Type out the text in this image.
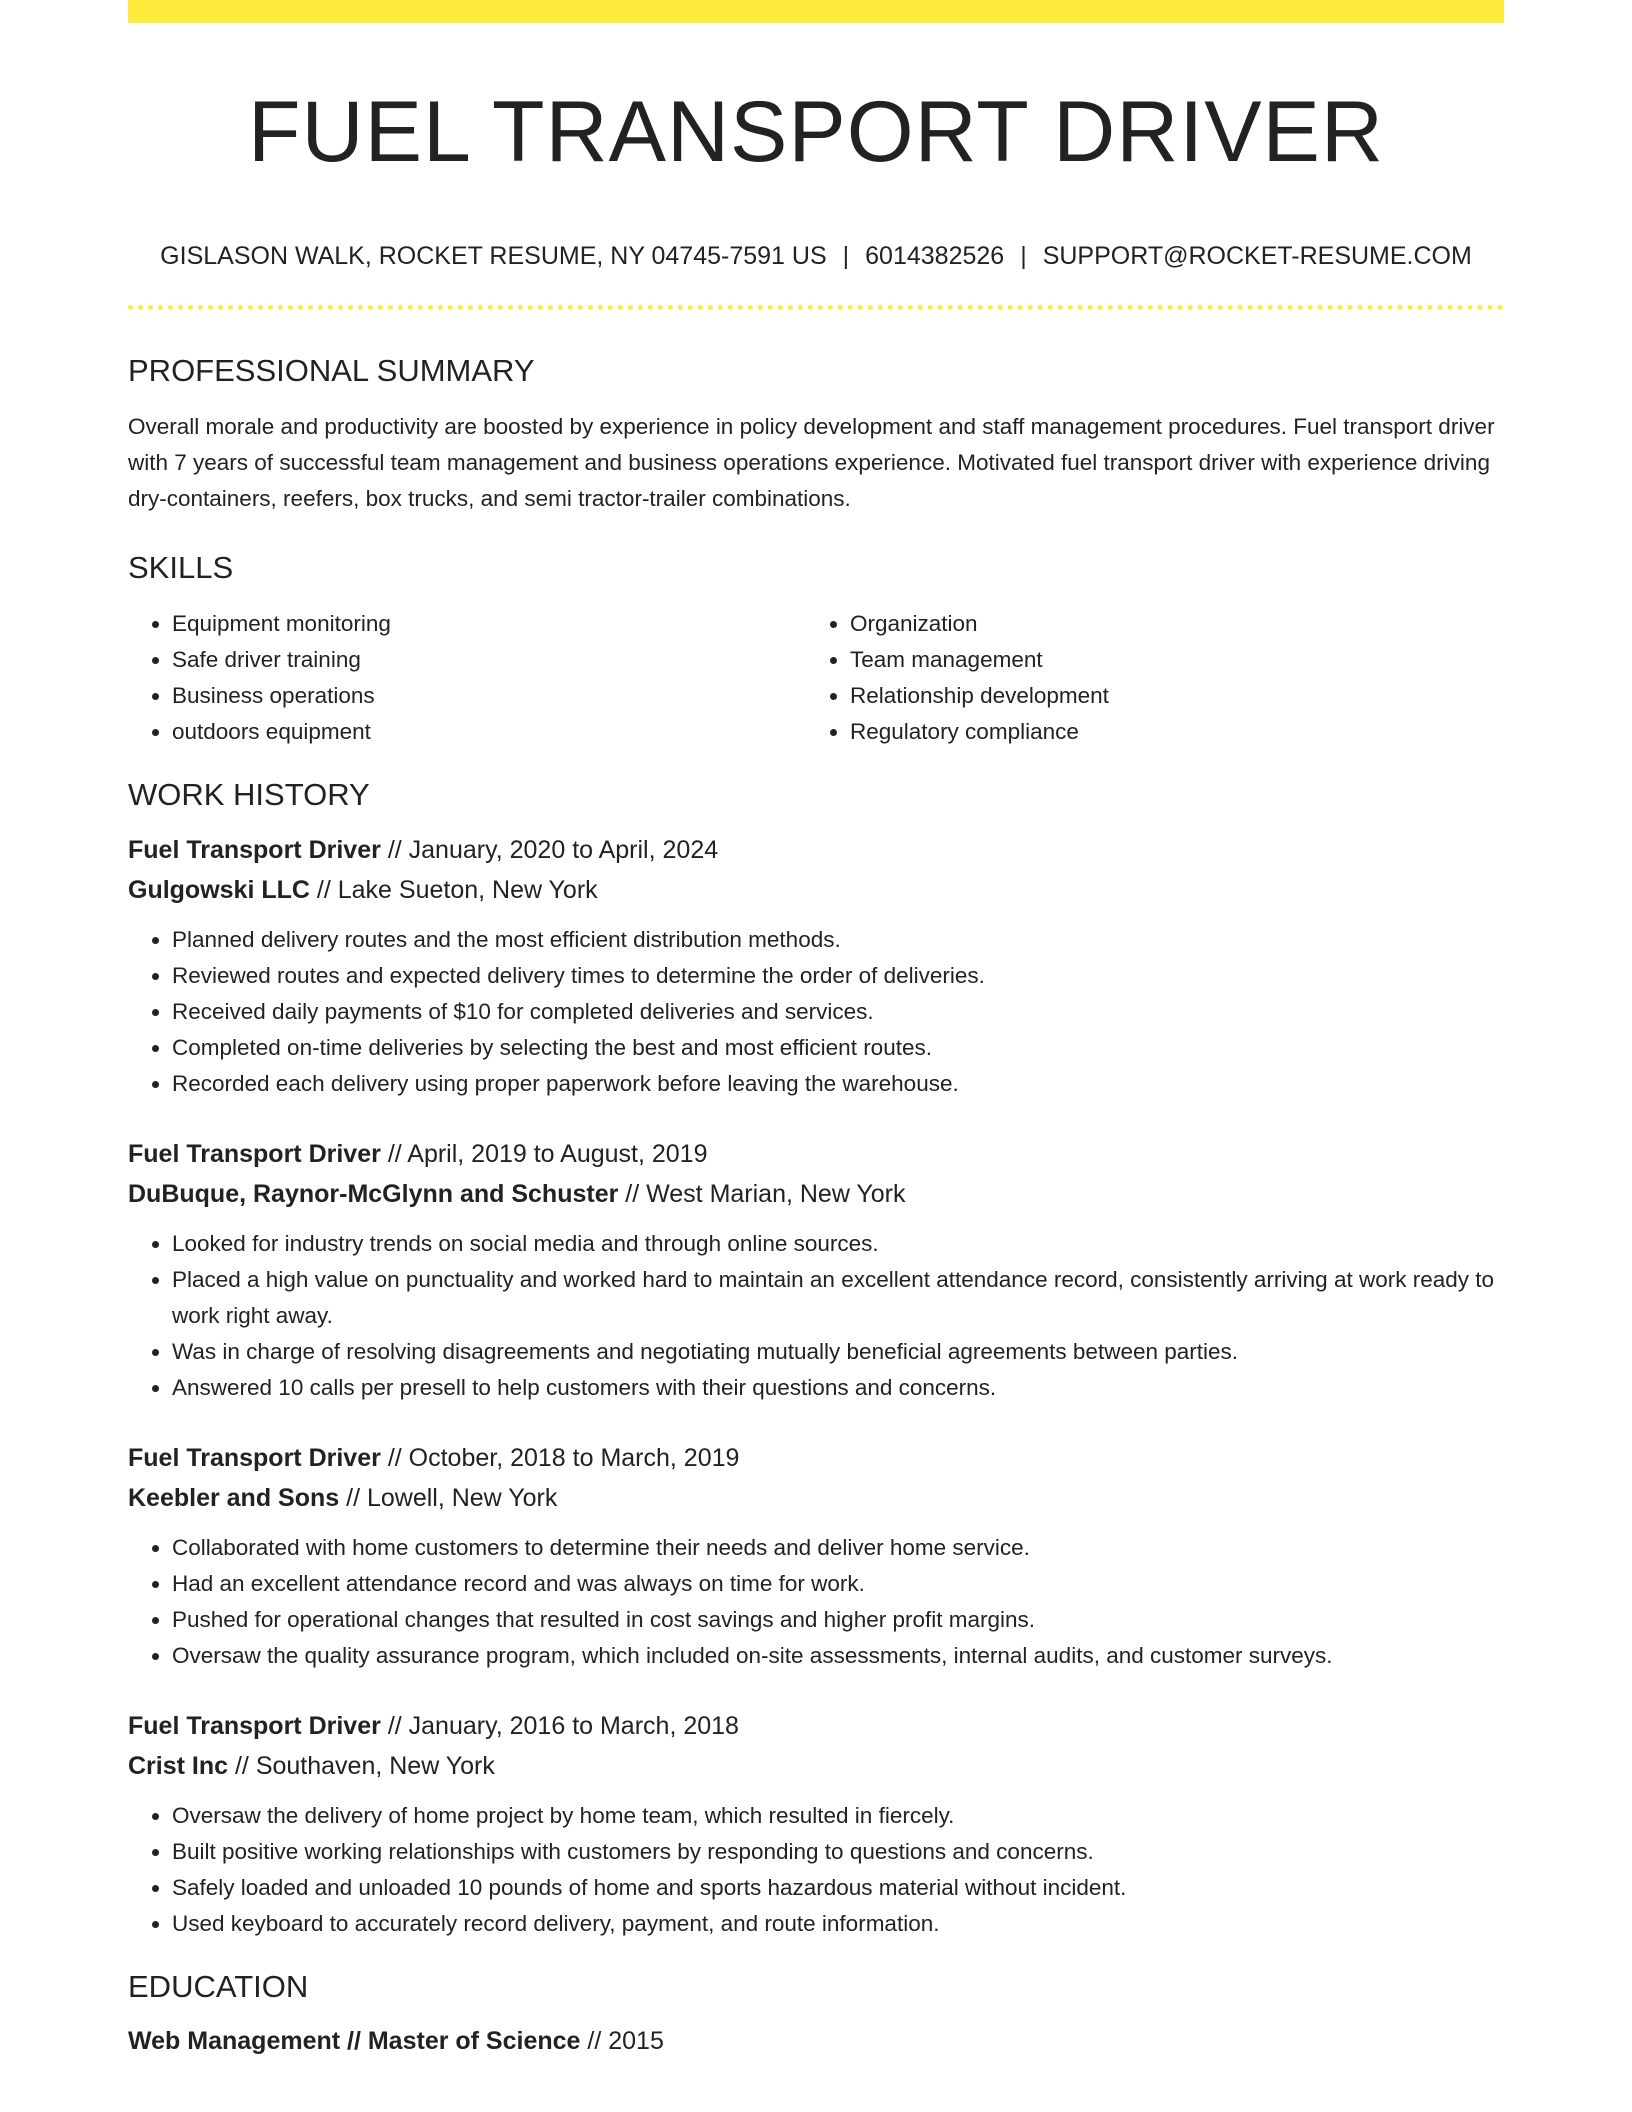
FUEL TRANSPORT DRIVER
GISLASON WALK, ROCKET RESUME, NY 04745-7591 US | 6014382526 | SUPPORT@ROCKET-RESUME.COM
PROFESSIONAL SUMMARY

Overall morale and productivity are boosted by experience in policy development and staff management procedures. Fuel transport driver with 7 years of successful team management and business operations experience. Motivated fuel transport driver with experience driving dry-containers, reefers, box trucks, and semi tractor-trailer combinations.

SKILLS
• Equipment monitoring
• Safe driver training
• Business operations
• outdoors equipment
• Organization
• Team management
• Relationship development
• Regulatory compliance
WORK HISTORY
Fuel Transport Driver // January, 2020 to April, 2024
Gulgowski LLC // Lake Sueton, New York
• Planned delivery routes and the most efficient distribution methods.
• Reviewed routes and expected delivery times to determine the order of deliveries.
• Received daily payments of $10 for completed deliveries and services.
• Completed on-time deliveries by selecting the best and most efficient routes.
• Recorded each delivery using proper paperwork before leaving the warehouse.
Fuel Transport Driver // April, 2019 to August, 2019
DuBuque, Raynor-McGlynn and Schuster // West Marian, New York
• Looked for industry trends on social media and through online sources.
• Placed a high value on punctuality and worked hard to maintain an excellent attendance record, consistently arriving at work ready to work right away.
• Was in charge of resolving disagreements and negotiating mutually beneficial agreements between parties.
• Answered 10 calls per presell to help customers with their questions and concerns.
Fuel Transport Driver // October, 2018 to March, 2019
Keebler and Sons // Lowell, New York
• Collaborated with home customers to determine their needs and deliver home service.
• Had an excellent attendance record and was always on time for work.
• Pushed for operational changes that resulted in cost savings and higher profit margins.
• Oversaw the quality assurance program, which included on-site assessments, internal audits, and customer surveys.
Fuel Transport Driver // January, 2016 to March, 2018
Crist Inc // Southaven, New York
• Oversaw the delivery of home project by home team, which resulted in fiercely.
• Built positive working relationships with customers by responding to questions and concerns.
• Safely loaded and unloaded 10 pounds of home and sports hazardous material without incident.
• Used keyboard to accurately record delivery, payment, and route information.
EDUCATION
Web Management // Master of Science // 2015
